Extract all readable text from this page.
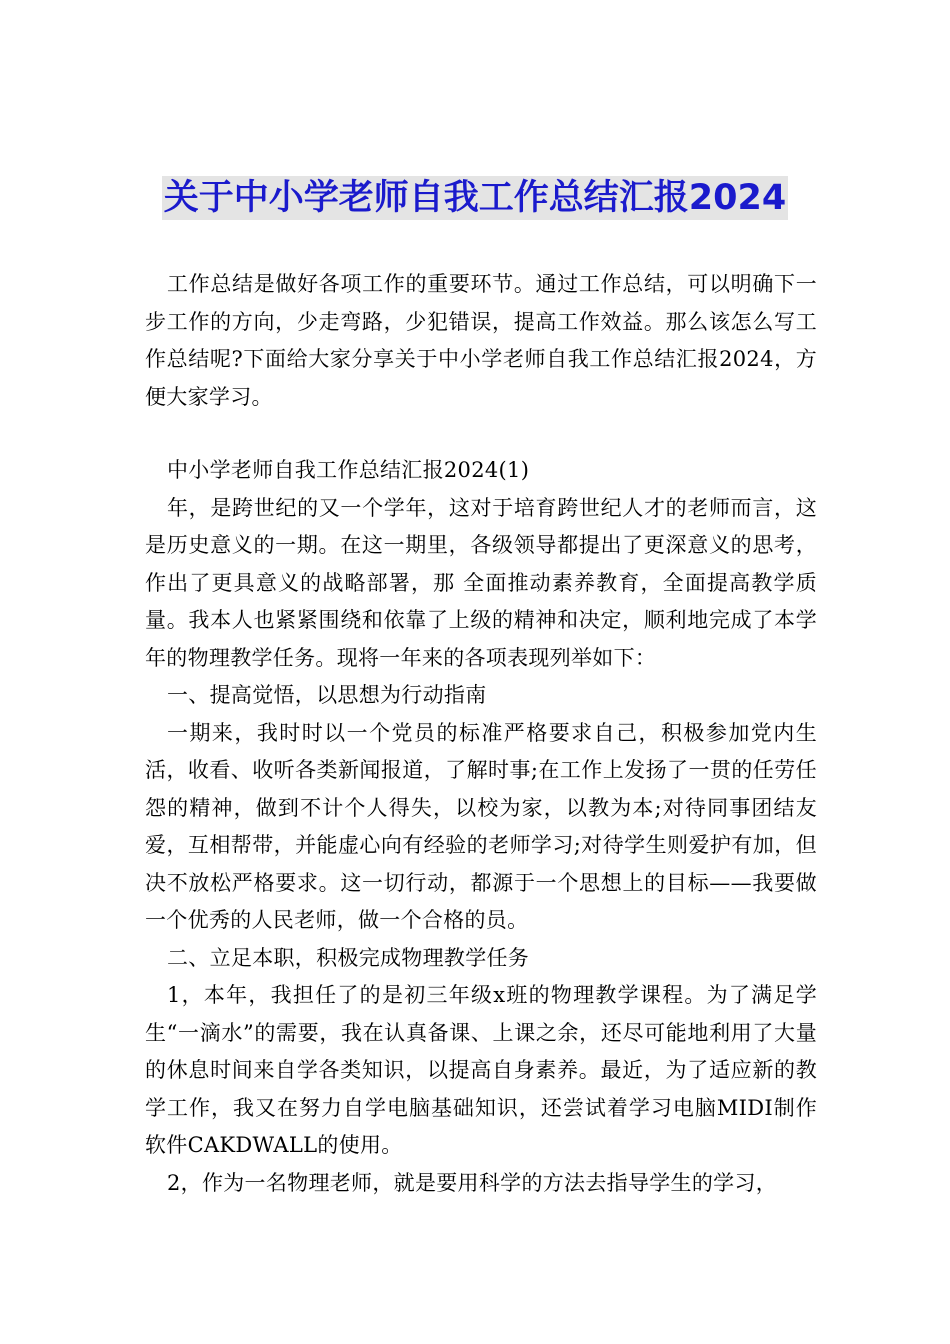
关于中小学老师自我工作总结汇报2024

工作总结是做好各项工作的重要环节。通过工作总结，可以明确下一步工作的方向，少走弯路，少犯错误，提高工作效益。那么该怎么写工作总结呢?下面给大家分享关于中小学老师自我工作总结汇报2024，方便大家学习。

中小学老师自我工作总结汇报2024(1)

年，是跨世纪的又一个学年，这对于培育跨世纪人才的老师而言，这是历史意义的一期。在这一期里，各级领导都提出了更深意义的思考，作出了更具意义的战略部署，那 全面推动素养教育，全面提高教学质量。我本人也紧紧围绕和依靠了上级的精神和决定，顺利地完成了本学年的物理教学任务。现将一年来的各项表现列举如下：

一、提高觉悟，以思想为行动指南

一期来，我时时以一个党员的标准严格要求自己，积极参加党内生活，收看、收听各类新闻报道，了解时事;在工作上发扬了一贯的任劳任怨的精神，做到不计个人得失，以校为家，以教为本;对待同事团结友爱，互相帮带，并能虚心向有经验的老师学习;对待学生则爱护有加，但决不放松严格要求。这一切行动，都源于一个思想上的目标——我要做一个优秀的人民老师，做一个合格的员。

二、立足本职，积极完成物理教学任务

1，本年，我担任了的是初三年级x班的物理教学课程。为了满足学生“一滴水”的需要，我在认真备课、上课之余，还尽可能地利用了大量的休息时间来自学各类知识，以提高自身素养。最近，为了适应新的教学工作，我又在努力自学电脑基础知识，还尝试着学习电脑MIDI制作软件CAKDWALL的使用。

2，作为一名物理老师，就是要用科学的方法去指导学生的学习，
